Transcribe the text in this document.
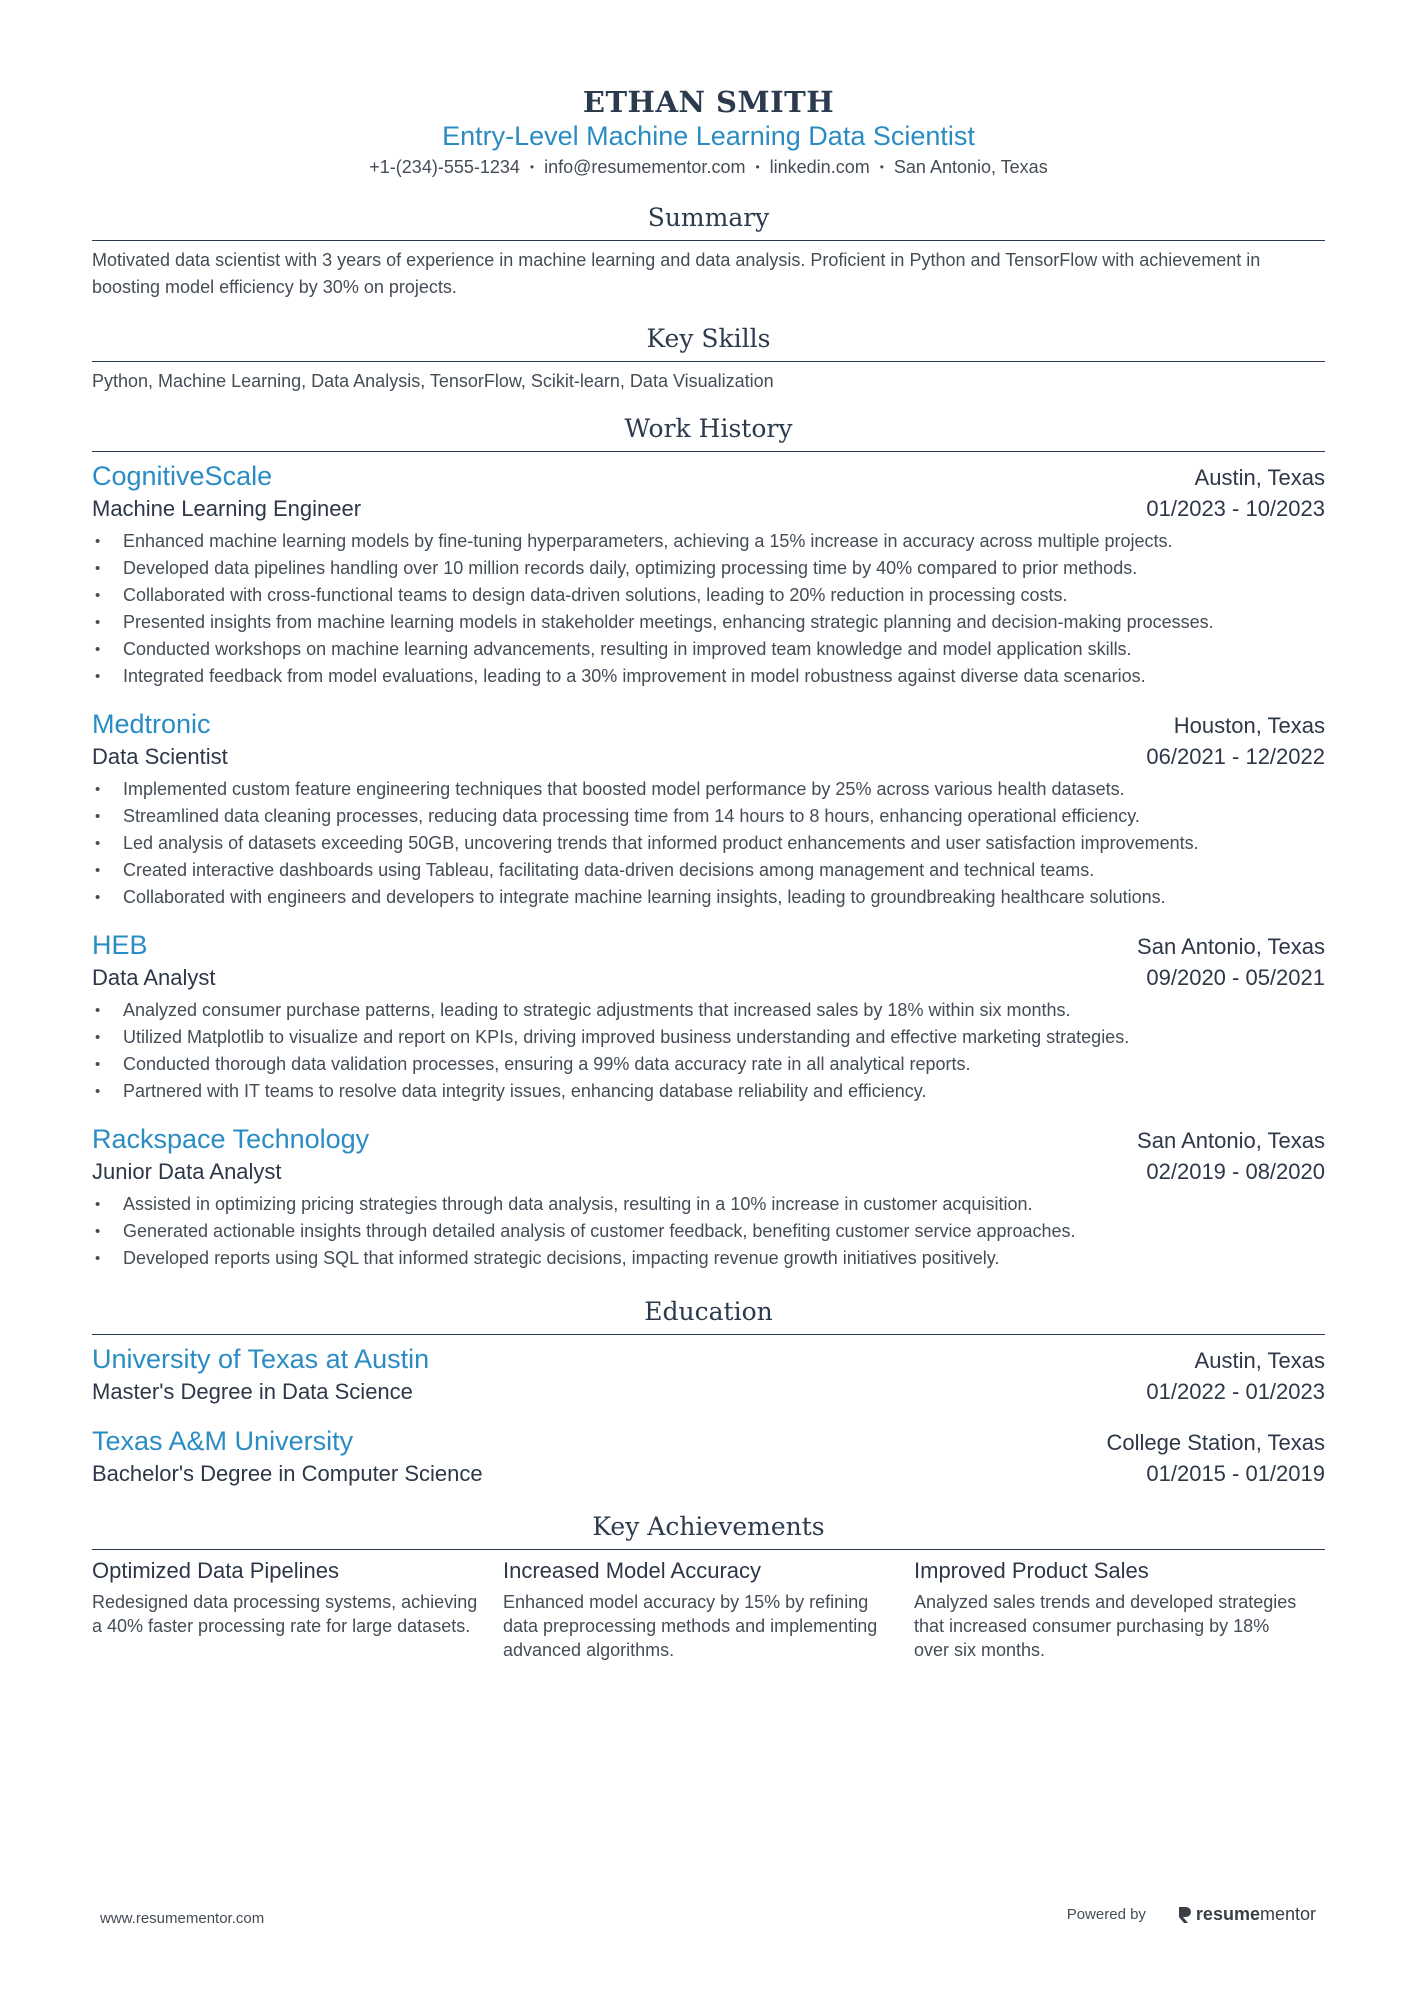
ETHAN SMITH
Entry-Level Machine Learning Data Scientist
+1-(234)-555-1234 • info@resumementor.com • linkedin.com • San Antonio, Texas
Summary
Motivated data scientist with 3 years of experience in machine learning and data analysis. Proficient in Python and TensorFlow with achievement in boosting model efficiency by 30% on projects.
Key Skills
Python, Machine Learning, Data Analysis, TensorFlow, Scikit-learn, Data Visualization
Work History
CognitiveScale	Austin, Texas
Machine Learning Engineer	01/2023 - 10/2023
• Enhanced machine learning models by fine-tuning hyperparameters, achieving a 15% increase in accuracy across multiple projects.
• Developed data pipelines handling over 10 million records daily, optimizing processing time by 40% compared to prior methods.
• Collaborated with cross-functional teams to design data-driven solutions, leading to 20% reduction in processing costs.
• Presented insights from machine learning models in stakeholder meetings, enhancing strategic planning and decision-making processes.
• Conducted workshops on machine learning advancements, resulting in improved team knowledge and model application skills.
• Integrated feedback from model evaluations, leading to a 30% improvement in model robustness against diverse data scenarios.
Medtronic	Houston, Texas
Data Scientist	06/2021 - 12/2022
• Implemented custom feature engineering techniques that boosted model performance by 25% across various health datasets.
• Streamlined data cleaning processes, reducing data processing time from 14 hours to 8 hours, enhancing operational efficiency.
• Led analysis of datasets exceeding 50GB, uncovering trends that informed product enhancements and user satisfaction improvements.
• Created interactive dashboards using Tableau, facilitating data-driven decisions among management and technical teams.
• Collaborated with engineers and developers to integrate machine learning insights, leading to groundbreaking healthcare solutions.
HEB	San Antonio, Texas
Data Analyst	09/2020 - 05/2021
• Analyzed consumer purchase patterns, leading to strategic adjustments that increased sales by 18% within six months.
• Utilized Matplotlib to visualize and report on KPIs, driving improved business understanding and effective marketing strategies.
• Conducted thorough data validation processes, ensuring a 99% data accuracy rate in all analytical reports.
• Partnered with IT teams to resolve data integrity issues, enhancing database reliability and efficiency.
Rackspace Technology	San Antonio, Texas
Junior Data Analyst	02/2019 - 08/2020
• Assisted in optimizing pricing strategies through data analysis, resulting in a 10% increase in customer acquisition.
• Generated actionable insights through detailed analysis of customer feedback, benefiting customer service approaches.
• Developed reports using SQL that informed strategic decisions, impacting revenue growth initiatives positively.
Education
University of Texas at Austin	Austin, Texas
Master's Degree in Data Science	01/2022 - 01/2023
Texas A&M University	College Station, Texas
Bachelor's Degree in Computer Science	01/2015 - 01/2019
Key Achievements
Optimized Data Pipelines
Redesigned data processing systems, achieving a 40% faster processing rate for large datasets.
Increased Model Accuracy
Enhanced model accuracy by 15% by refining data preprocessing methods and implementing advanced algorithms.
Improved Product Sales
Analyzed sales trends and developed strategies that increased consumer purchasing by 18% over six months.
www.resumementor.com	Powered by	resume mentor
